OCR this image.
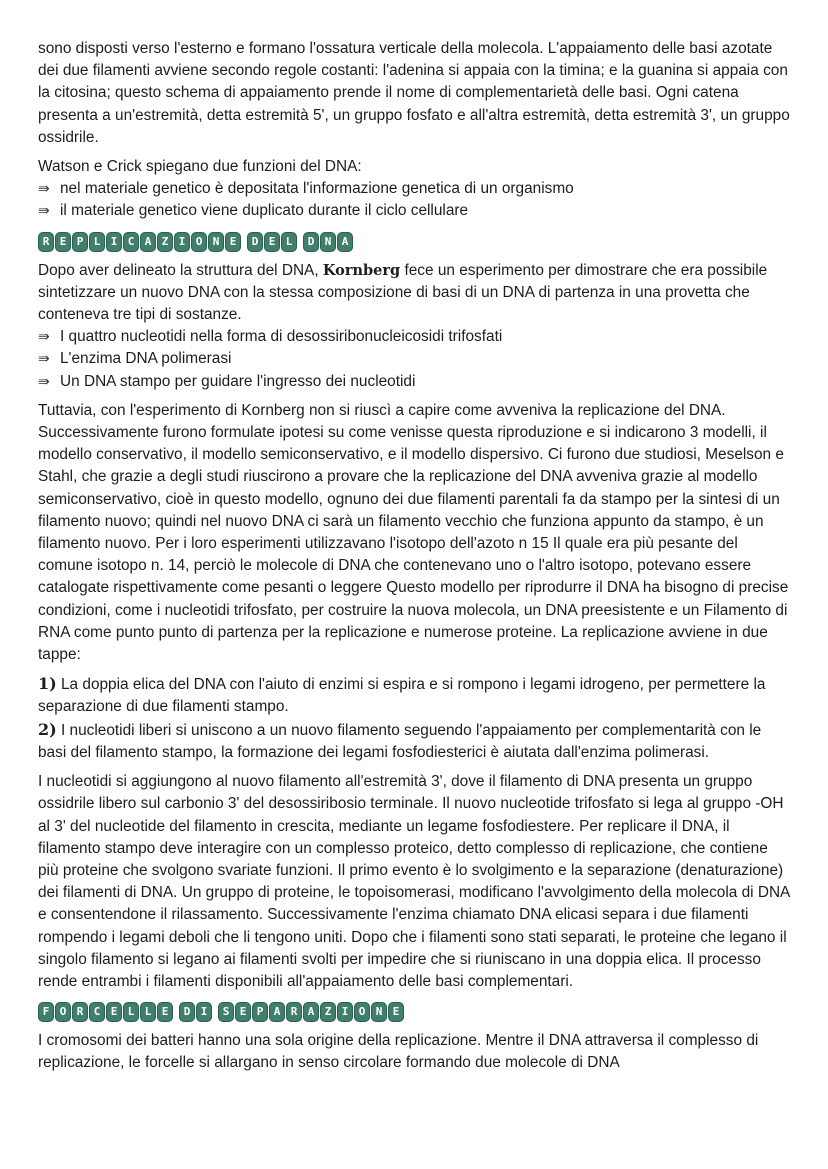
sono disposti verso l'esterno e formano l'ossatura verticale della molecola. L'appaiamento delle basi azotate dei due filamenti avviene secondo regole costanti: l'adenina si appaia con la timina; e la guanina si appaia con la citosina; questo schema di appaiamento prende il nome di complementarietà delle basi. Ogni catena presenta a un'estremità, detta estremità 5', un gruppo fosfato e all'altra estremità, detta estremità 3', un gruppo ossidrile.

Watson e Crick spiegano due funzioni del DNA:

⇛ nel materiale genetico è depositata l'informazione genetica di un organismo
⇛ il materiale genetico viene duplicato durante il ciclo cellulare
R E P L I C A Z I O N E	D E L	D N A

Dopo aver delineato la struttura del DNA, Kornberg fece un esperimento per dimostrare che era possibile sintetizzare un nuovo DNA con la stessa composizione di basi di un DNA di partenza in una provetta che conteneva tre tipi di sostanze.

⇛ I quattro nucleotidi nella forma di desossiribonucleicosidi trifosfati
⇛ L'enzima DNA polimerasi
⇛ Un DNA stampo per guidare l'ingresso dei nucleotidi

Tuttavia, con l'esperimento di Kornberg non si riuscì a capire come avveniva la replicazione del DNA. Successivamente furono formulate ipotesi su come venisse questa riproduzione e si indicarono 3 modelli, il modello conservativo, il modello semiconservativo, e il modello dispersivo. Ci furono due studiosi, Meselson e Stahl, che grazie a degli studi riuscirono a provare che la replicazione del DNA avveniva grazie al modello semiconservativo, cioè in questo modello, ognuno dei due filamenti parentali fa da stampo per la sintesi di un filamento nuovo; quindi nel nuovo DNA ci sarà un filamento vecchio che funziona appunto da stampo, è un filamento nuovo. Per i loro esperimenti utilizzavano l'isotopo dell'azoto n 15 Il quale era più pesante del comune isotopo n. 14, perciò le molecole di DNA che contenevano uno o l'altro isotopo, potevano essere catalogate rispettivamente come pesanti o leggere Questo modello per riprodurre il DNA ha bisogno di precise condizioni, come i nucleotidi trifosfato, per costruire la nuova molecola, un DNA preesistente e un Filamento di RNA come punto punto di partenza per la replicazione e numerose proteine. La replicazione avviene in due tappe:

1) La doppia elica del DNA con l'aiuto di enzimi si espira e si rompono i legami idrogeno, per permettere la separazione di due filamenti stampo.

2) I nucleotidi liberi si uniscono a un nuovo filamento seguendo l'appaiamento per complementarità con le basi del filamento stampo, la formazione dei legami fosfodiesterici è aiutata dall'enzima polimerasi.

I nucleotidi si aggiungono al nuovo filamento all'estremità 3', dove il filamento di DNA presenta un gruppo ossidrile libero sul carbonio 3' del desossiribosio terminale. Il nuovo nucleotide trifosfato si lega al gruppo -OH al 3' del nucleotide del filamento in crescita, mediante un legame fosfodiestere. Per replicare il DNA, il filamento stampo deve interagire con un complesso proteico, detto complesso di replicazione, che contiene più proteine che svolgono svariate funzioni. Il primo evento è lo svolgimento e la separazione (denaturazione) dei filamenti di DNA. Un gruppo di proteine, le topoisomerasi, modificano l'avvolgimento della molecola di DNA e consentendone il rilassamento. Successivamente l'enzima chiamato DNA elicasi separa i due filamenti rompendo i legami deboli che li tengono uniti. Dopo che i filamenti sono stati separati, le proteine che legano il singolo filamento si legano ai filamenti svolti per impedire che si riuniscano in una doppia elica. Il processo rende entrambi i filamenti disponibili all'appaiamento delle basi complementari.

F O R C E L L E	D I	S E P A R A Z I O N E

I cromosomi dei batteri hanno una sola origine della replicazione. Mentre il DNA attraversa il complesso di replicazione, le forcelle si allargano in senso circolare formando due molecole di DNA
